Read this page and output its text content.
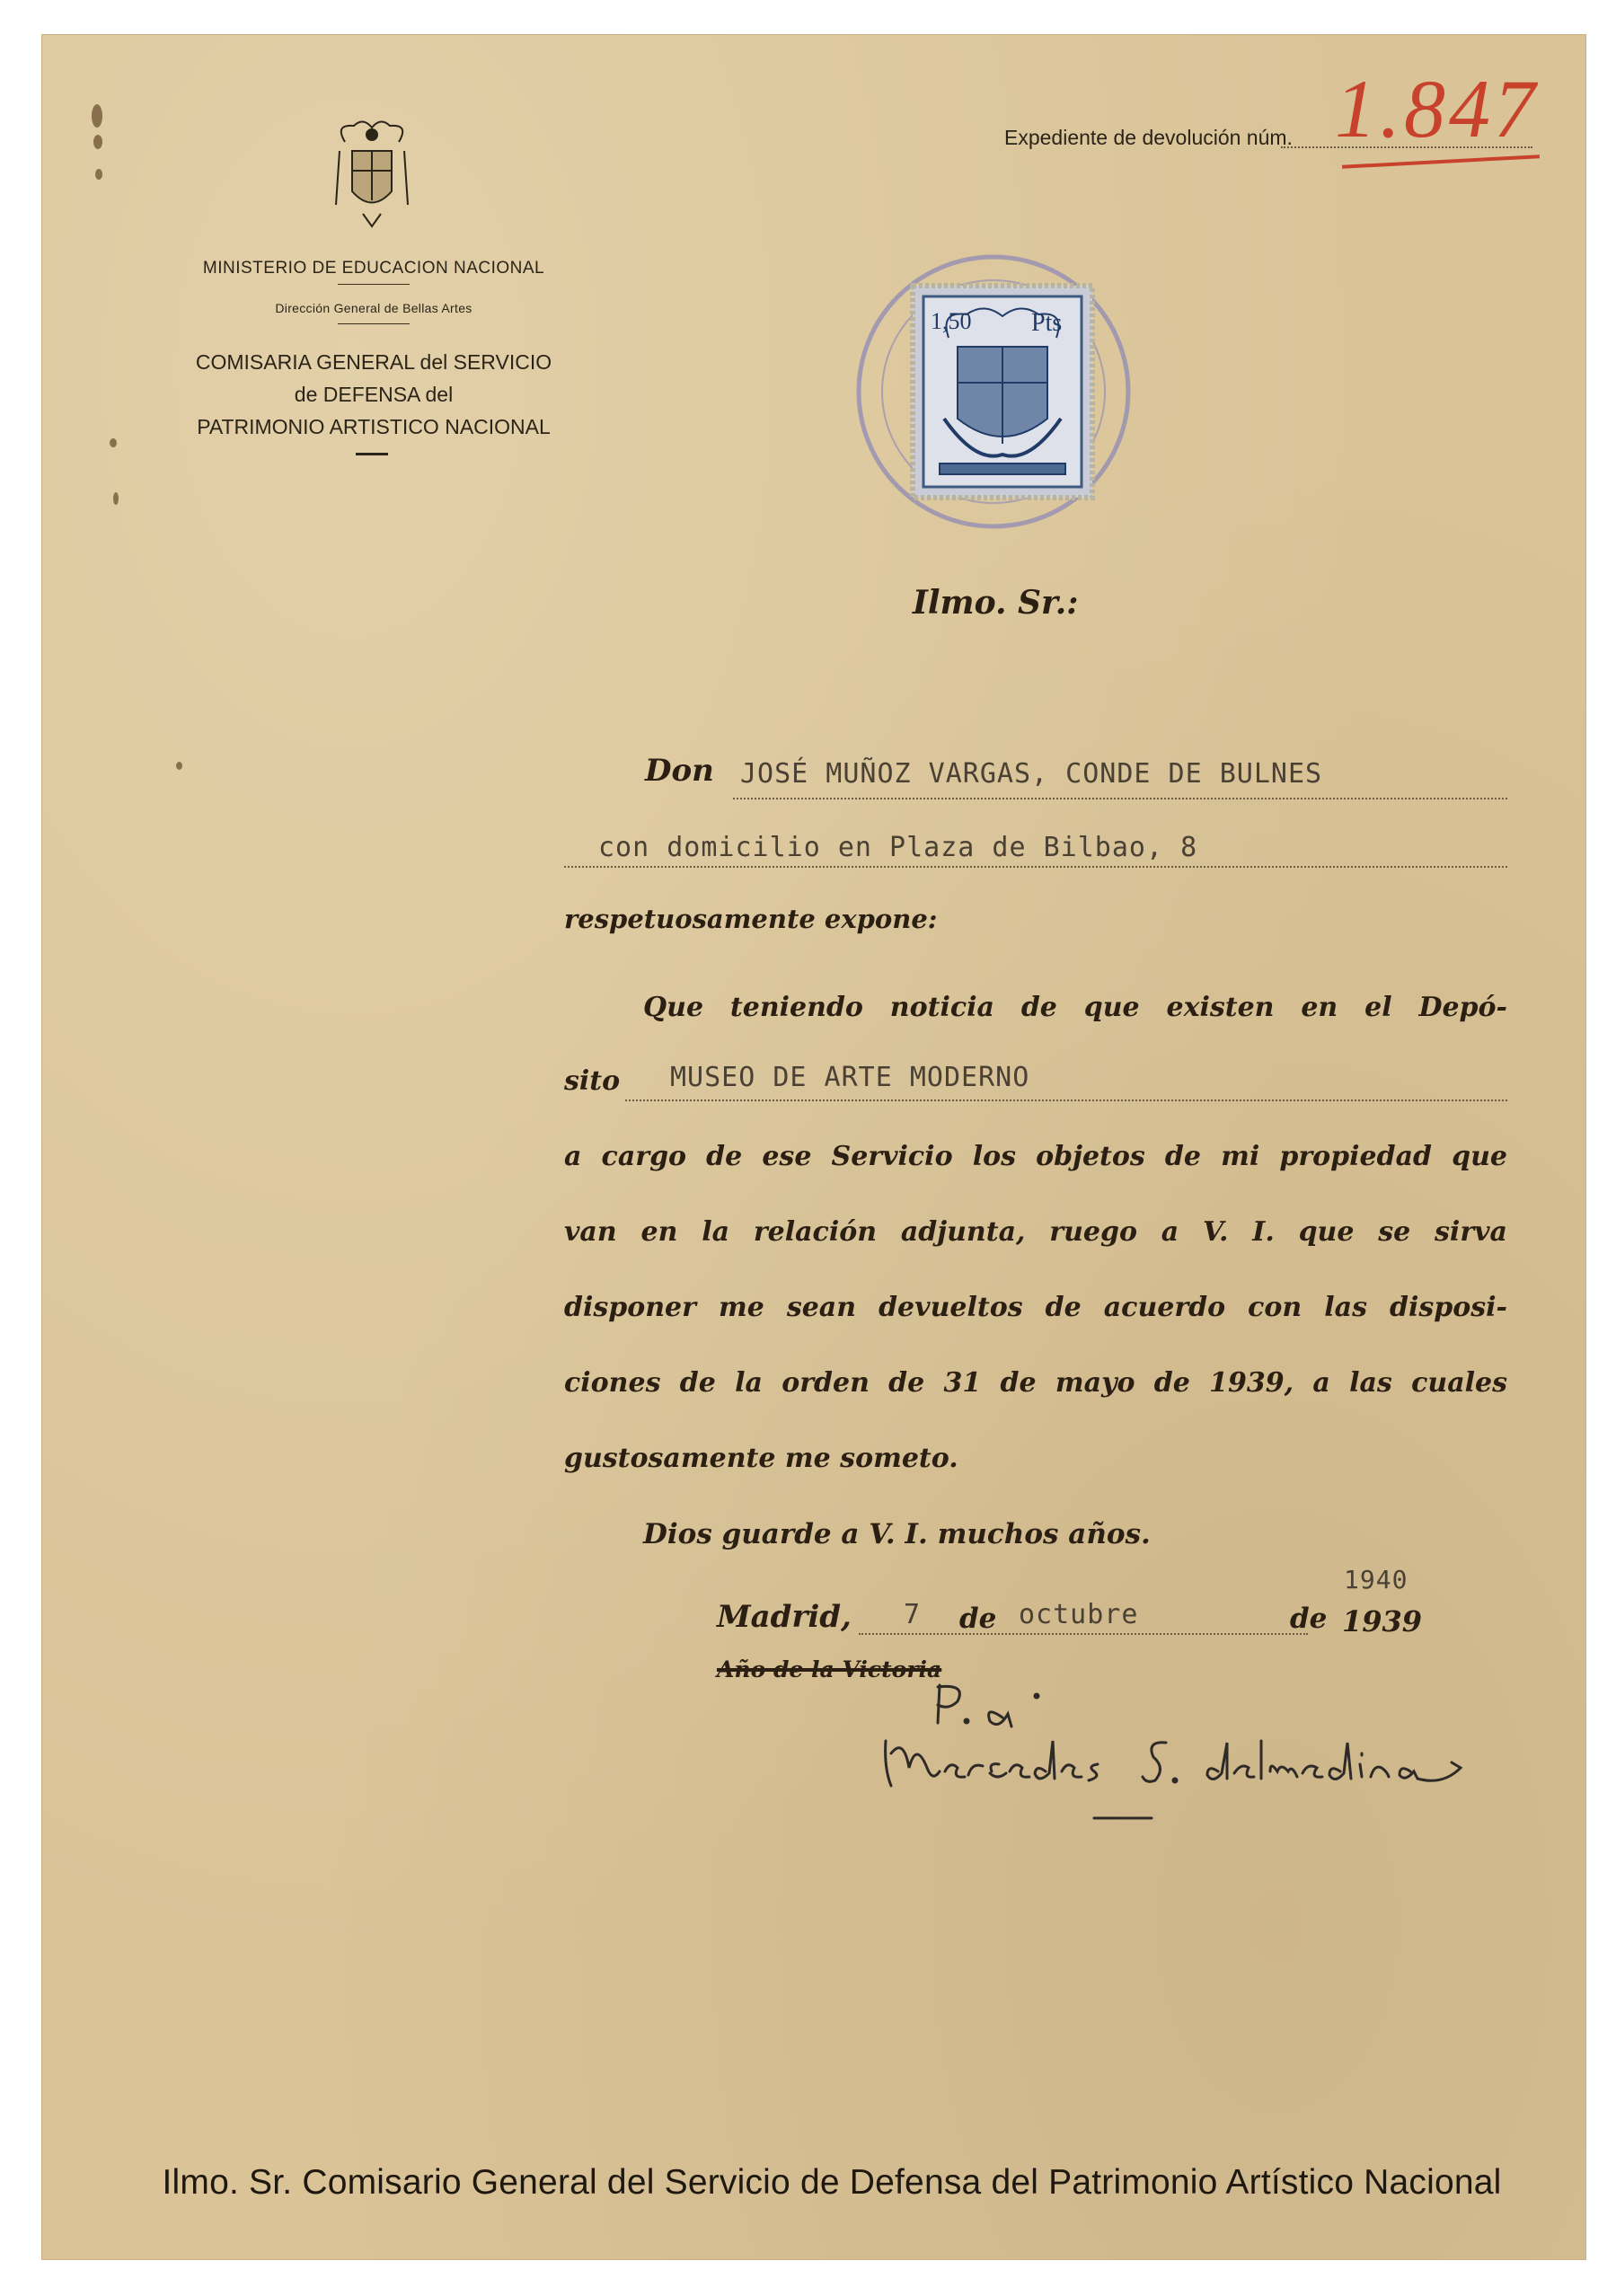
MINISTERIO DE EDUCACION NACIONAL
Dirección General de Bellas Artes
COMISARIA GENERAL del SERVICIO
de DEFENSA del
PATRIMONIO ARTISTICO NACIONAL
Expediente de devolución núm. 1.847
1,50 Pts
Ilmo. Sr.:
Don JOSÉ MUÑOZ VARGAS, CONDE DE BULNES
con domicilio en Plaza de Bilbao, 8
respetuosamente expone:
Que teniendo noticia de que existen en el Depó-
sito MUSEO DE ARTE MODERNO
a cargo de ese Servicio los objetos de mi propiedad que
van en la relación adjunta, ruego a V. I. que se sirva
disponer me sean devueltos de acuerdo con las disposi-
ciones de la orden de 31 de mayo de 1939, a las cuales
gustosamente me someto.
Dios guarde a V. I. muchos años.
1940
Madrid, 7 de octubre	de 1939
Año de la Victoria
Ilmo. Sr. Comisario General del Servicio de Defensa del Patrimonio Artístico Nacional
